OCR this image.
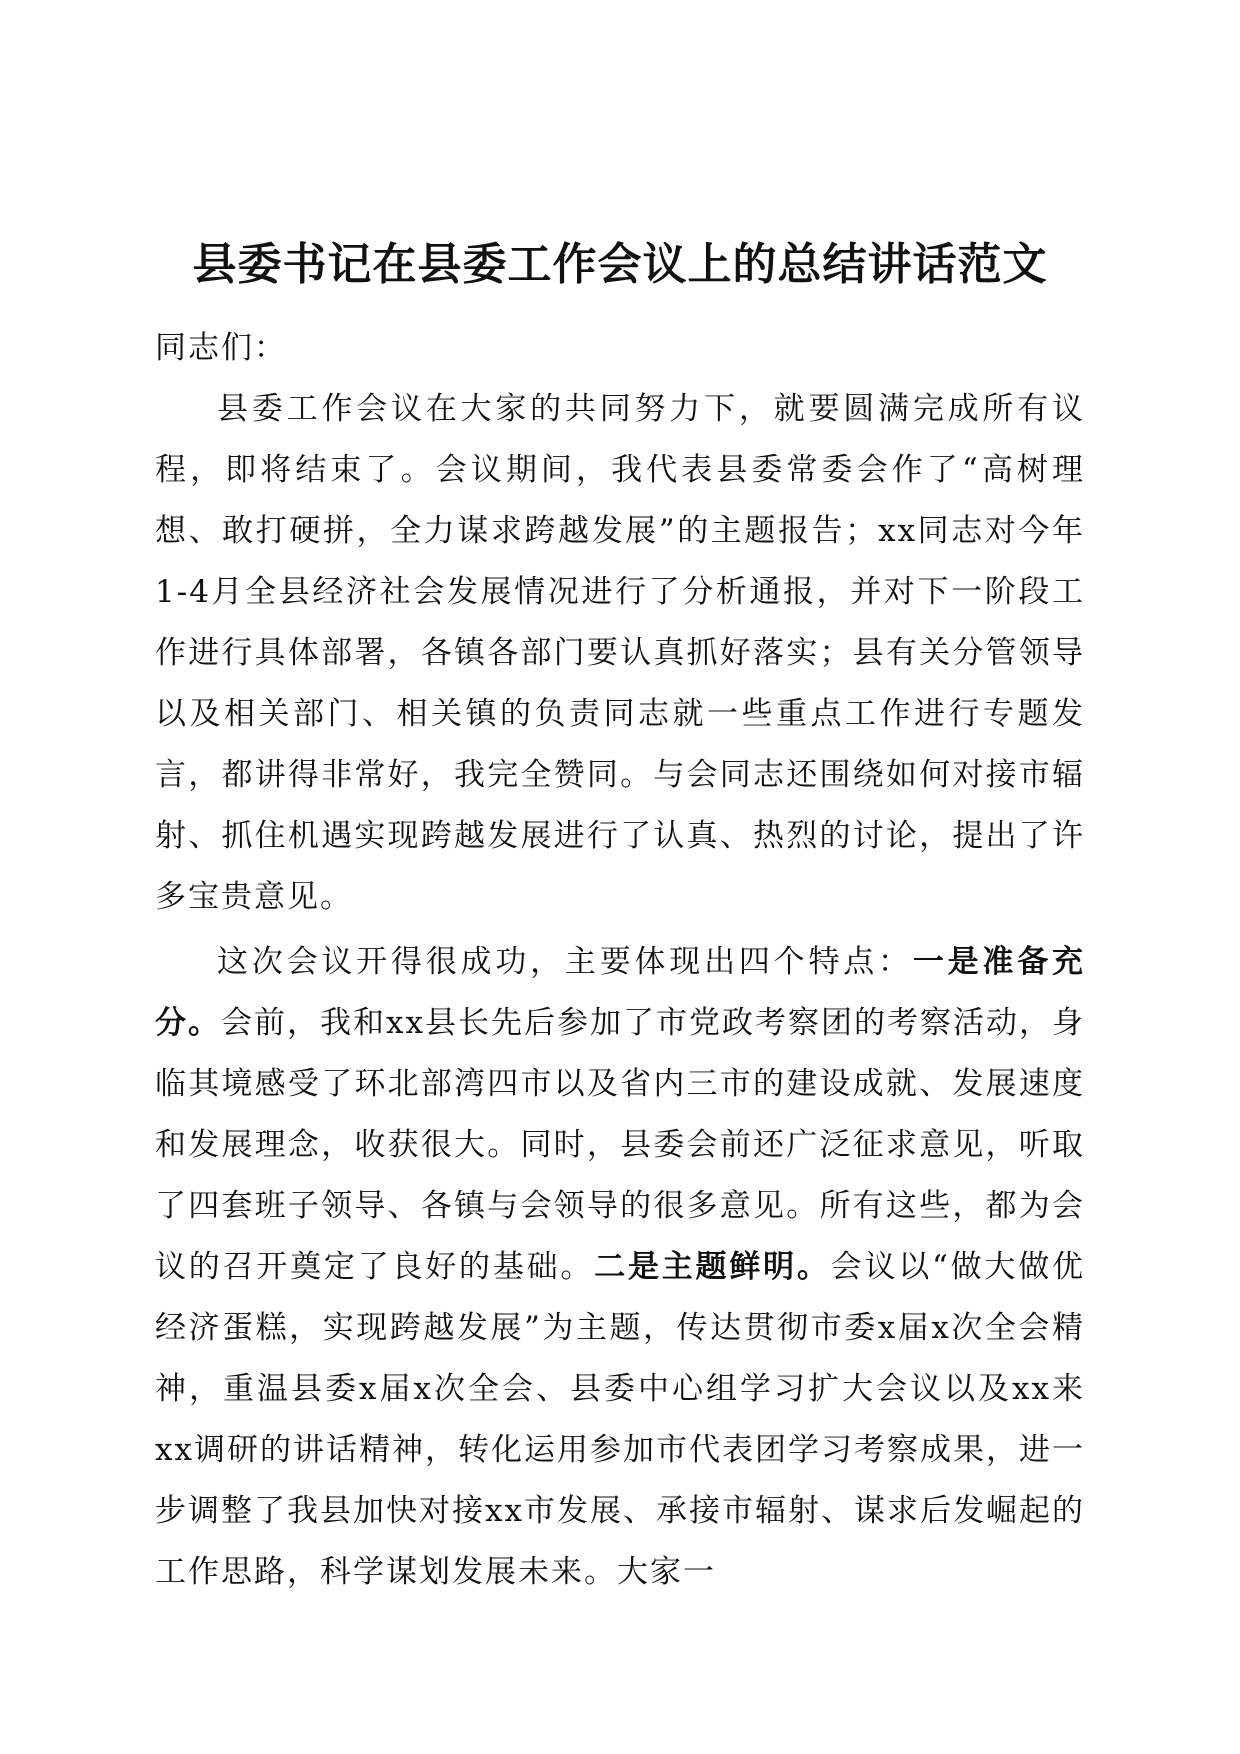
县委书记在县委工作会议上的总结讲话范文

同志们：

县委工作会议在大家的共同努力下，就要圆满完成所有议程，即将结束了。会议期间，我代表县委常委会作了“高树理想、敢打硬拼，全力谋求跨越发展”的主题报告；xx同志对今年1-4月全县经济社会发展情况进行了分析通报，并对下一阶段工作进行具体部署，各镇各部门要认真抓好落实；县有关分管领导以及相关部门、相关镇的负责同志就一些重点工作进行专题发言，都讲得非常好，我完全赞同。与会同志还围绕如何对接市辐射、抓住机遇实现跨越发展进行了认真、热烈的讨论，提出了许多宝贵意见。

这次会议开得很成功，主要体现出四个特点：一是准备充分。会前，我和xx县长先后参加了市党政考察团的考察活动，身临其境感受了环北部湾四市以及省内三市的建设成就、发展速度和发展理念，收获很大。同时，县委会前还广泛征求意见，听取了四套班子领导、各镇与会领导的很多意见。所有这些，都为会议的召开奠定了良好的基础。二是主题鲜明。会议以“做大做优经济蛋糕，实现跨越发展”为主题，传达贯彻市委x届x次全会精神，重温县委x届x次全会、县委中心组学习扩大会议以及xx来xx调研的讲话精神，转化运用参加市代表团学习考察成果，进一步调整了我县加快对接xx市发展、承接市辐射、谋求后发崛起的工作思路，科学谋划发展未来。大家一
